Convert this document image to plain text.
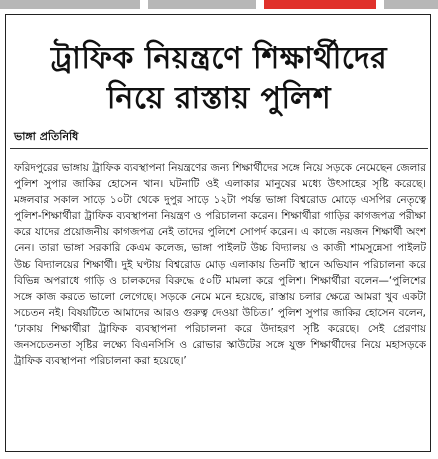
ট্রাফিক নিয়ন্ত্রণে শিক্ষার্থীদের
নিয়ে রাস্তায় পুলিশ
ভাঙ্গা প্রতিনিধি
ফরিদপুরের ভাঙ্গায় ট্রাফিক ব্যবস্থাপনা নিয়ন্ত্রণের জন্য শিক্ষার্থীদের সঙ্গে নিয়ে সড়কে নেমেছেন জেলার পুলিশ সুপার জাকির হোসেন খান। ঘটনাটি ওই এলাকার মানুষের মধ্যে উৎসাহের সৃষ্টি করেছে। মঙ্গলবার সকাল সাড়ে ১০টা থেকে দুপুর সাড়ে ১২টা পর্যন্ত ভাঙ্গা বিশ্বরোড মোড়ে এসপির নেতৃত্বে পুলিশ-শিক্ষার্থীরা ট্রাফিক ব্যবস্থাপনা নিয়ন্ত্রণ ও পরিচালনা করেন। শিক্ষার্থীরা গাড়ির কাগজপত্র পরীক্ষা করে যাদের প্রয়োজনীয় কাগজপত্র নেই তাদের পুলিশে সোপর্দ করেন। এ কাজে নয়জন শিক্ষার্থী অংশ নেন। তারা ভাঙ্গা সরকারি কেএম কলেজ, ভাঙ্গা পাইলট উচ্চ বিদ্যালয় ও কাজী শামসুন্নেসা পাইলট উচ্চ বিদ্যালয়ের শিক্ষার্থী। দুই ঘণ্টায় বিশ্বরোড মোড় এলাকায় তিনটি স্থানে অভিযান পরিচালনা করে বিভিন্ন অপরাধে গাড়ি ও চালকদের বিরুদ্ধে ৫০টি মামলা করে পুলিশ। শিক্ষার্থীরা বলেন—‘পুলিশের সঙ্গে কাজ করতে ভালো লেগেছে। সড়কে নেমে মনে হয়েছে, রাস্তায় চলার ক্ষেত্রে আমরা খুব একটা সচেতন নই। বিষয়টিতে আমাদের আরও গুরুত্ব দেওয়া উচিত।’ পুলিশ সুপার জাকির হোসেন বলেন, ‘ঢাকায় শিক্ষার্থীরা ট্রাফিক ব্যবস্থাপনা পরিচালনা করে উদাহরণ সৃষ্টি করেছে। সেই প্রেরণায় জনসচেতনতা সৃষ্টির লক্ষ্যে বিএনসিসি ও রোভার স্কাউটের সঙ্গে যুক্ত শিক্ষার্থীদের নিয়ে মহাসড়কে ট্রাফিক ব্যবস্থাপনা পরিচালনা করা হয়েছে।’
